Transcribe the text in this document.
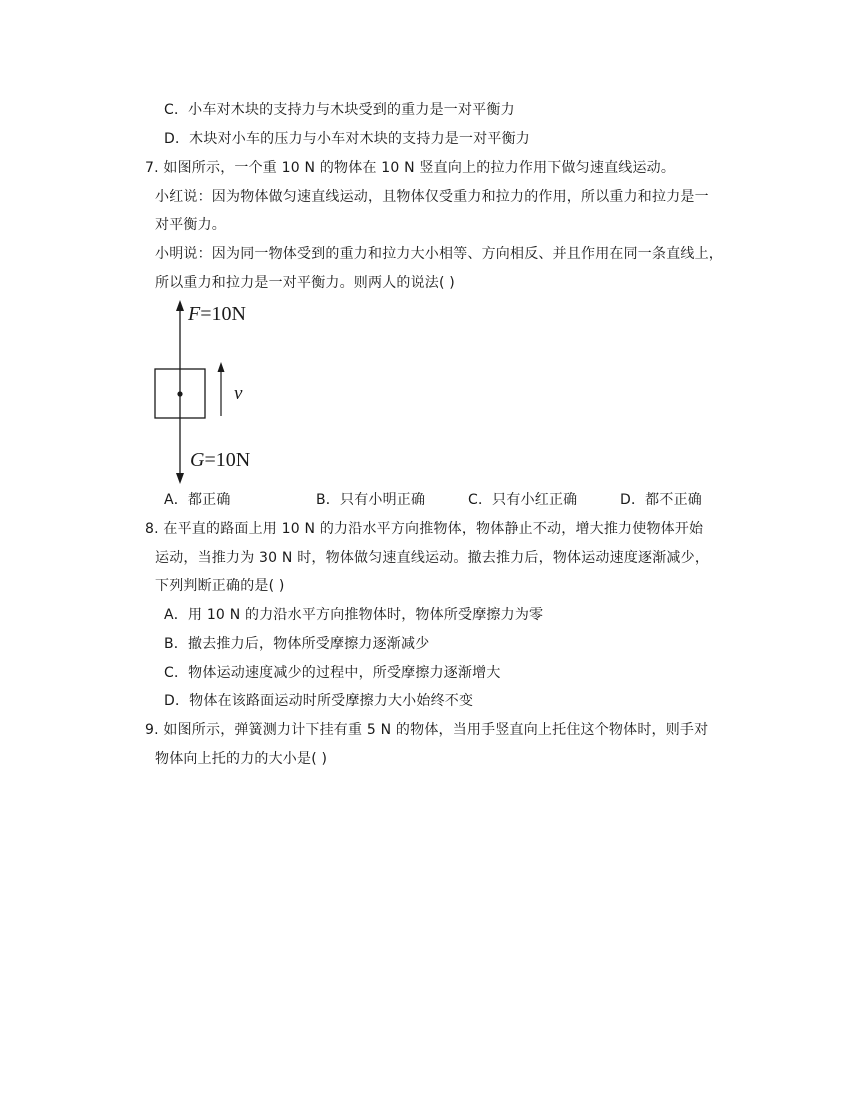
C．小车对木块的支持力与木块受到的重力是一对平衡力
D．木块对小车的压力与小车对木块的支持力是一对平衡力
7. 如图所示，一个重 10 N 的物体在 10 N 竖直向上的拉力作用下做匀速直线运动。
小红说：因为物体做匀速直线运动，且物体仅受重力和拉力的作用，所以重力和拉力是一
对平衡力。
小明说：因为同一物体受到的重力和拉力大小相等、方向相反、并且作用在同一条直线上，
所以重力和拉力是一对平衡力。则两人的说法( )
F=10N
v
G=10N
A．都正确	B．只有小明正确	C．只有小红正确	D．都不正确
8. 在平直的路面上用 10 N 的力沿水平方向推物体，物体静止不动，增大推力使物体开始
运动，当推力为 30 N 时，物体做匀速直线运动。撤去推力后，物体运动速度逐渐减少，
下列判断正确的是( )
A．用 10 N 的力沿水平方向推物体时，物体所受摩擦力为零
B．撤去推力后，物体所受摩擦力逐渐减少
C．物体运动速度减少的过程中，所受摩擦力逐渐增大
D．物体在该路面运动时所受摩擦力大小始终不变
9. 如图所示，弹簧测力计下挂有重 5 N 的物体，当用手竖直向上托住这个物体时，则手对
物体向上托的力的大小是( )
